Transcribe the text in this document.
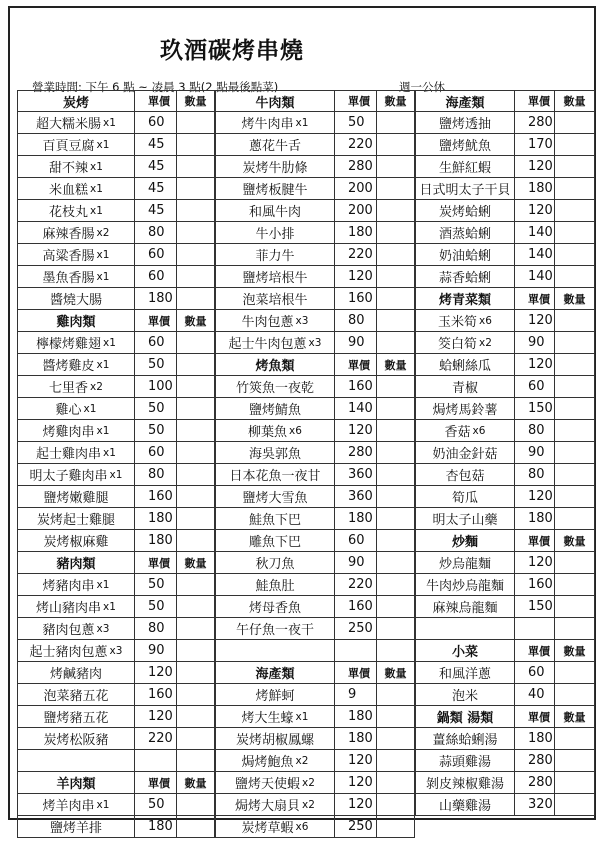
玖酒碳烤串燒
營業時間: 下午 6 點 ~ 凌晨 3 點(2 點最後點菜)	週一公休
炭烤	單價 數量
超大糯米腸 x1 60
百頁豆腐 x1	45
甜不辣 x1	45
米血糕 x1	45
花枝丸 x1	45
麻辣香腸 x2	80
高粱香腸 x1	60
墨魚香腸 x1	60
醬燒大腸	180
雞肉類	單價 數量
檸檬烤雞翅 x1 60
醬烤雞皮 x1	50
七里香 x2	100
雞心 x1	50
烤雞肉串 x1	50
起士雞肉串 x1 60
明太子雞肉串 x1 80
鹽烤嫩雞腿	160
炭烤起士雞腿	180
炭烤椒麻雞	180
豬肉類	單價 數量
烤豬肉串 x1	50
烤山豬肉串 x1 50
豬肉包蔥 x3	80
起士豬肉包蔥 x3 90
烤鹹豬肉	120
泡菜豬五花	160
鹽烤豬五花	120
炭烤松阪豬	220
羊肉類	單價 數量
烤羊肉串 x1	50
鹽烤羊排	180
牛肉類	單價 數量
烤牛肉串 x1	50
蔥花牛舌	220
炭烤牛肋條	280
鹽烤板腱牛	200
和風牛肉	200
牛小排	180
菲力牛	220
鹽烤培根牛	120
泡菜培根牛	160
牛肉包蔥 x3	80
起士牛肉包蔥 x3 90
烤魚類	單價 數量
竹筴魚一夜乾	160
鹽烤鯖魚	140
柳葉魚 x6	120
海吳郭魚	280
日本花魚一夜甘 360
鹽烤大雪魚	360
鮭魚下巴	180
雕魚下巴	60
秋刀魚	90
鮭魚肚	220
烤母香魚	160
午仔魚一夜干	250
海產類	單價 數量
烤鮮蚵	9
烤大生蠔 x1	180
炭烤胡椒鳳螺	180
焗烤鮑魚 x2	120
鹽烤天使蝦 x2	120
焗烤大扇貝 x2	120
炭烤草蝦 x6	250
海產類	單價 數量
鹽烤透抽	280
鹽烤魷魚	170
生鮮紅蝦	120
日式明太子干貝 180
炭烤蛤蜊	120
酒蒸蛤蜊	140
奶油蛤蜊	140
蒜香蛤蜊	140
烤青菜類	單價 數量
玉米筍 x6	120
筊白筍 x2	90
蛤蜊絲瓜	120
青椒	60
焗烤馬鈴薯 150
香菇 x6	80
奶油金針菇 90
杏包菇	80
筍瓜	120
明太子山藥 180
炒麵	單價 數量
炒烏龍麵	120
牛肉炒烏龍麵 160
麻辣烏龍麵 150
小菜	單價 數量
和風洋蔥	60
泡米	40
鍋類 湯類	單價 數量
薑絲蛤蜊湯 180
蒜頭雞湯	280
剝皮辣椒雞湯 280
山藥雞湯	320
